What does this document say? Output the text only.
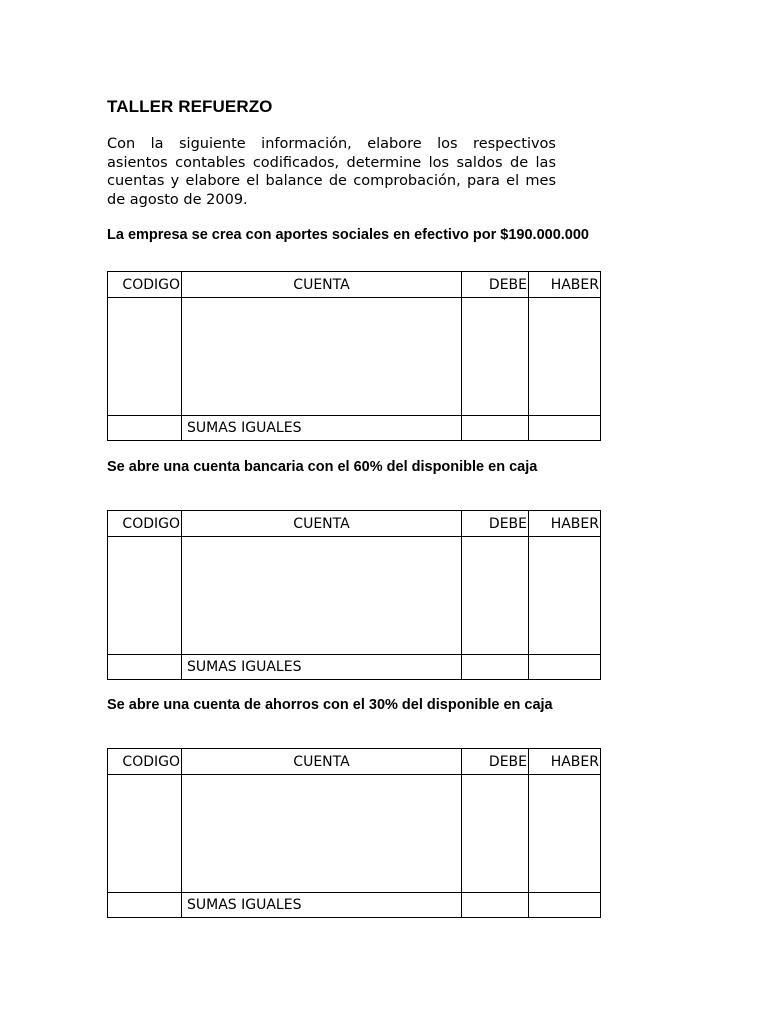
TALLER REFUERZO
Con la siguiente información, elabore los respectivos asientos contables codificados, determine los saldos de las cuentas y elabore el balance de comprobación, para el mes de agosto de 2009.
La empresa se crea con aportes sociales en efectivo por $190.000.000
CODIGO	CUENTA	DEBE	HABER

	SUMAS IGUALES		
Se abre una cuenta bancaria con el 60% del disponible en caja
CODIGO	CUENTA	DEBE	HABER

	SUMAS IGUALES		
Se abre una cuenta de ahorros con el 30% del disponible en caja
CODIGO	CUENTA	DEBE	HABER

	SUMAS IGUALES		
